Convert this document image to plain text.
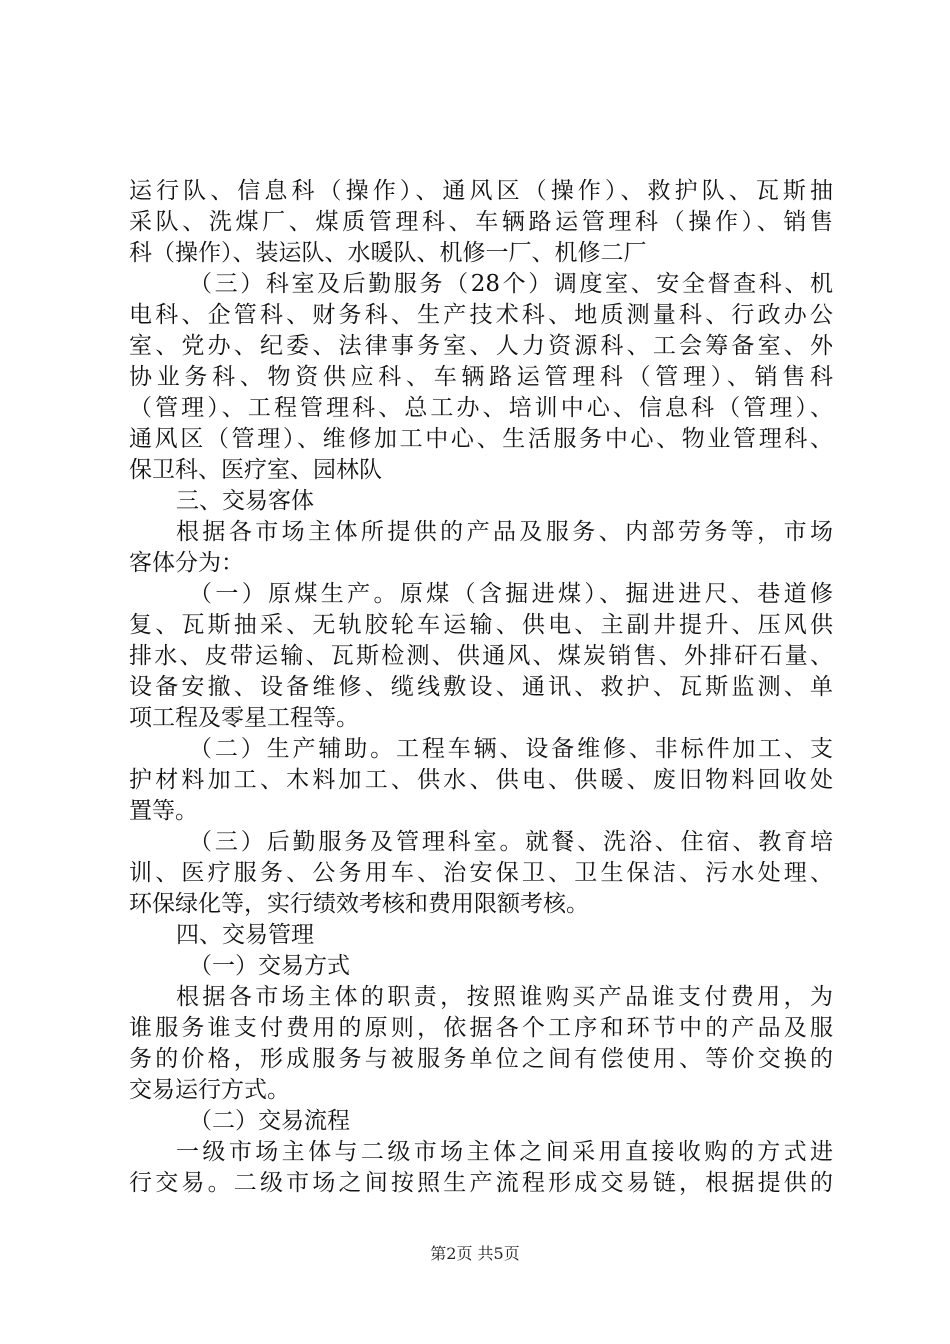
运行队、信息科（操作）、通风区（操作）、救护队、瓦斯抽
采队、洗煤厂、煤质管理科、车辆路运管理科（操作）、销售
科（操作）、装运队、水暖队、机修一厂、机修二厂
（三）科室及后勤服务（28个）调度室、安全督查科、机
电科、企管科、财务科、生产技术科、地质测量科、行政办公
室、党办、纪委、法律事务室、人力资源科、工会筹备室、外
协业务科、物资供应科、车辆路运管理科（管理）、销售科
（管理）、工程管理科、总工办、培训中心、信息科（管理）、
通风区（管理）、维修加工中心、生活服务中心、物业管理科、
保卫科、医疗室、园林队
三、交易客体
根据各市场主体所提供的产品及服务、内部劳务等，市场
客体分为：
（一）原煤生产。原煤（含掘进煤）、掘进进尺、巷道修
复、瓦斯抽采、无轨胶轮车运输、供电、主副井提升、压风供
排水、皮带运输、瓦斯检测、供通风、煤炭销售、外排矸石量、
设备安撤、设备维修、缆线敷设、通讯、救护、瓦斯监测、单
项工程及零星工程等。
（二）生产辅助。工程车辆、设备维修、非标件加工、支
护材料加工、木料加工、供水、供电、供暖、废旧物料回收处
置等。
（三）后勤服务及管理科室。就餐、洗浴、住宿、教育培
训、医疗服务、公务用车、治安保卫、卫生保洁、污水处理、
环保绿化等，实行绩效考核和费用限额考核。
四、交易管理
（一）交易方式
根据各市场主体的职责，按照谁购买产品谁支付费用，为
谁服务谁支付费用的原则，依据各个工序和环节中的产品及服
务的价格，形成服务与被服务单位之间有偿使用、等价交换的
交易运行方式。
（二）交易流程
一级市场主体与二级市场主体之间采用直接收购的方式进
行交易。二级市场之间按照生产流程形成交易链，根据提供的
第2页 共5页
